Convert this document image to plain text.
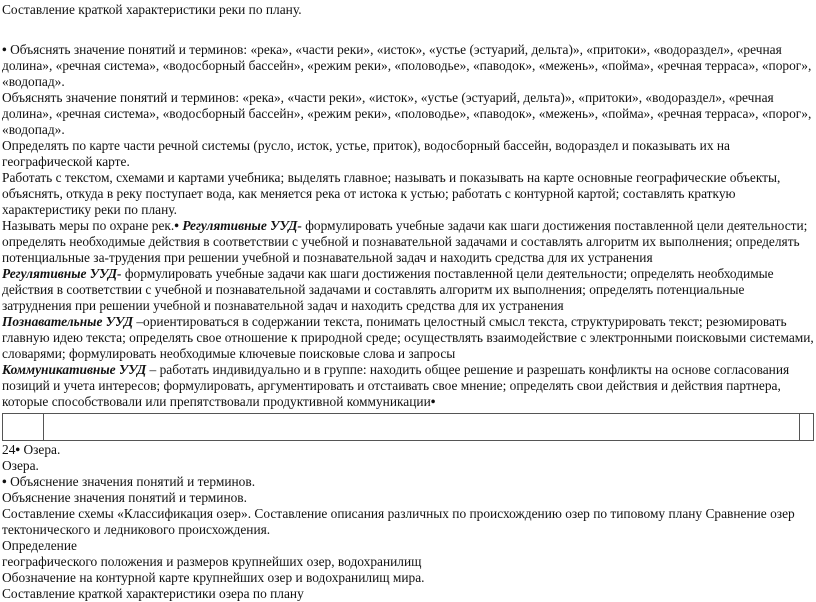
Составление краткой характеристики реки по плану.

• Объяснять значение понятий и терминов: «река», «части реки», «исток», «устье (эстуарий, дельта)», «притоки», «водораздел», «речная долина», «речная система», «водосборный бассейн», «режим реки», «половодье», «паводок», «межень», «пойма», «речная терраса», «порог», «водопад».

Объяснять значение понятий и терминов: «река», «части реки», «исток», «устье (эстуарий, дельта)», «притоки», «водораздел», «речная долина», «речная система», «водосборный бассейн», «режим реки», «половодье», «паводок», «межень», «пойма», «речная терраса», «порог», «водопад».

Определять по карте части речной системы (русло, исток, устье, приток), водосборный бассейн, водораздел и показывать их на географической карте.

Работать с текстом, схемами и картами учебника; выделять главное; называть и показывать на карте основные географические объекты, объяснять, откуда в реку поступает вода, как меняется река от истока к устью; работать с контурной картой; составлять краткую характеристику реки по плану.

Называть меры по охране рек.• Регулятивные УУД- формулировать учебные задачи как шаги достижения поставленной цели деятельности; определять необходимые действия в соответствии с учебной и познавательной задачами и составлять алгоритм их выполнения; определять потенциальные за-трудения при решении учебной и познавательной задач и находить средства для их устранения

Регулятивные УУД- формулировать учебные задачи как шаги достижения поставленной цели деятельности; определять необходимые действия в соответствии с учебной и познавательной задачами и составлять алгоритм их выполнения; определять потенциальные затруднения при решении учебной и познавательной задач и находить средства для их устранения

Познавательные УУД –ориентироваться в содержании текста, понимать целостный смысл текста, структурировать текст; резюмировать главную идею текста; определять свое отношение к природной среде; осуществлять взаимодействие с электронными поисковыми системами, словарями; формулировать необходимые ключевые поисковые слова и запросы

Коммуникативные УУД – работать индивидуально и в группе: находить общее решение и разрешать конфликты на основе согласования позиций и учета интересов; формулировать, аргументировать и отстаивать свое мнение; определять свои действия и действия партнера, которые способствовали или препятствовали продуктивной коммуникации•

24• Озера.

Озера.

• Объяснение значения понятий и терминов.

Объяснение значения понятий и терминов.

Составление схемы «Классификация озер». Составление описания различных по происхождению озер по типовому плану Сравнение озер тектонического и ледникового происхождения.

Определение

географического положения и размеров крупнейших озер, водохранилищ

Обозначение на контурной карте крупнейших озер и водохранилищ мира.

Составление краткой характеристики озера по плану
